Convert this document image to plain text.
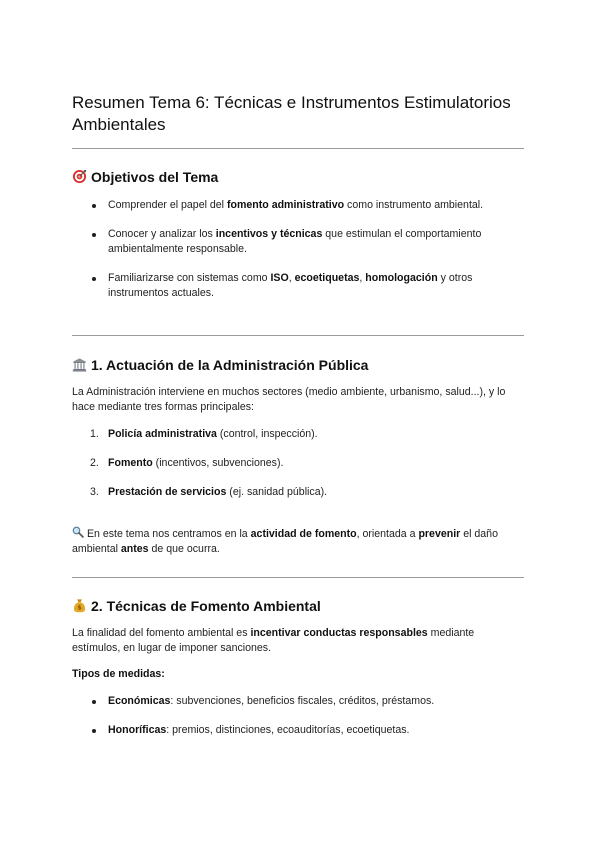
Resumen Tema 6: Técnicas e Instrumentos Estimulatorios Ambientales
Objetivos del Tema
Comprender el papel del fomento administrativo como instrumento ambiental.
Conocer y analizar los incentivos y técnicas que estimulan el comportamiento ambientalmente responsable.
Familiarizarse con sistemas como ISO, ecoetiquetas, homologación y otros instrumentos actuales.
1. Actuación de la Administración Pública

La Administración interviene en muchos sectores (medio ambiente, urbanismo, salud...), y lo hace mediante tres formas principales:

1. Policía administrativa (control, inspección).
2. Fomento (incentivos, subvenciones).
3. Prestación de servicios (ej. sanidad pública).

En este tema nos centramos en la actividad de fomento, orientada a prevenir el daño ambiental antes de que ocurra.

$ 2. Técnicas de Fomento Ambiental

La finalidad del fomento ambiental es incentivar conductas responsables mediante estímulos, en lugar de imponer sanciones.

Tipos de medidas:

Económicas: subvenciones, beneficios fiscales, créditos, préstamos.
Honoríficas: premios, distinciones, ecoauditorías, ecoetiquetas.
